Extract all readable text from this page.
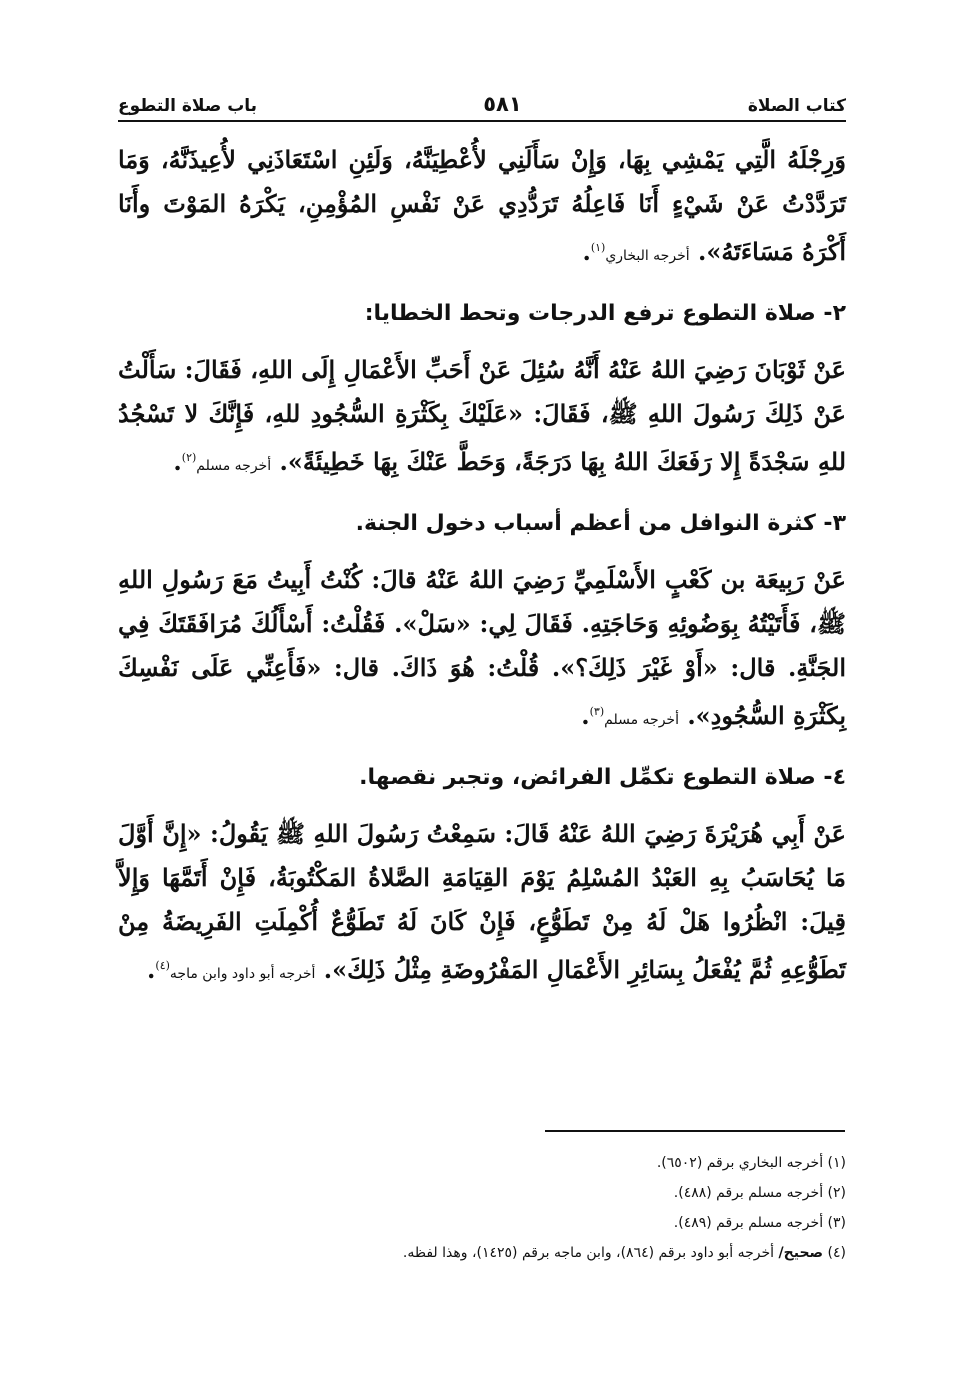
كتاب الصلاة
٥٨١
باب صلاة التطوع

وَرِجْلَهُ الَّتِي يَمْشِي بِهَا، وَإِنْ سَأَلَنِي لأُعْطِيَنَّهُ، وَلَئِنِ اسْتَعَاذَنِي لأُعِيذَنَّهُ، وَمَا تَرَدَّدْتُ عَنْ شَيْءٍ أَنَا فَاعِلُهُ تَرَدُّدِي عَنْ نَفْسِ المُؤْمِنِ، يَكْرَهُ المَوْتَ وأَنَا أَكْرَهُ مَسَاءَتَهُ». أخرجه البخاري$^{(١)}$.

٢- صلاة التطوع ترفع الدرجات وتحط الخطايا:

عَنْ ثَوْبَانَ رَضِيَ اللهُ عَنْهُ أَنَّهُ سُئِلَ عَنْ أَحَبِّ الأَعْمَالِ إِلَى اللهِ، فَقَالَ: سَأَلْتُ عَنْ ذَلِكَ رَسُولَ اللهِ ﷺ، فَقَالَ: «عَلَيْكَ بِكَثْرَةِ السُّجُودِ للهِ، فَإِنَّكَ لا تَسْجُدُ للهِ سَجْدَةً إِلا رَفَعَكَ اللهُ بِهَا دَرَجَةً، وَحَطَّ عَنْكَ بِهَا خَطِيئَةً». أخرجه مسلم$^{(٢)}$.

٣- كثرة النوافل من أعظم أسباب دخول الجنة.

عَنْ رَبِيعَة بن كَعْبٍ الأَسْلَمِيِّ رَضِيَ اللهُ عَنْهُ قالَ: كُنْتُ أَبِيتُ مَعَ رَسُولِ اللهِ ﷺ، فَأَتَيْتُهُ بِوَضُوئِهِ وَحَاجَتِهِ. فَقَالَ لِي: «سَلْ». فَقُلْتُ: أَسْأَلُكَ مُرَافَقَتَكَ فِي الجَنَّةِ. قال: «أَوْ غَيْرَ ذَلِكَ؟». قُلْتُ: هُوَ ذَاكَ. قال: «فَأَعِنِّي عَلَى نَفْسِكَ بِكَثْرَةِ السُّجُودِ». أخرجه مسلم$^{(٣)}$.

٤- صلاة التطوع تكمِّل الفرائض، وتجبر نقصها.

عَنْ أَبِي هُرَيْرَةَ رَضِيَ اللهُ عَنْهُ قَالَ: سَمِعْتُ رَسُولَ اللهِ ﷺ يَقُولُ: «إِنَّ أَوَّلَ مَا يُحَاسَبُ بِهِ العَبْدُ المُسْلِمُ يَوْمَ القِيَامَةِ الصَّلاةُ المَكْتُوبَةُ، فَإِنْ أَتَمَّهَا وَإِلاَّ قِيلَ: انْظُرُوا هَلْ لَهُ مِنْ تَطَوُّعٍ، فَإِنْ كَانَ لَهُ تَطَوُّعٌ أُكْمِلَتِ الفَرِيضَةُ مِنْ تَطَوُّعِهِ ثُمَّ يُفْعَلُ بِسَائِرِ الأَعْمَالِ المَفْرُوضَةِ مِثْلُ ذَلِكَ». أخرجه أبو داود وابن ماجه$^{(٤)}$.

(١) أخرجه البخاري برقم (٦٥٠٢).

(٢) أخرجه مسلم برقم (٤٨٨).

(٣) أخرجه مسلم برقم (٤٨٩).

(٤) صحيح/ أخرجه أبو داود برقم (٨٦٤)، وابن ماجه برقم (١٤٢٥)، وهذا لفظه.
